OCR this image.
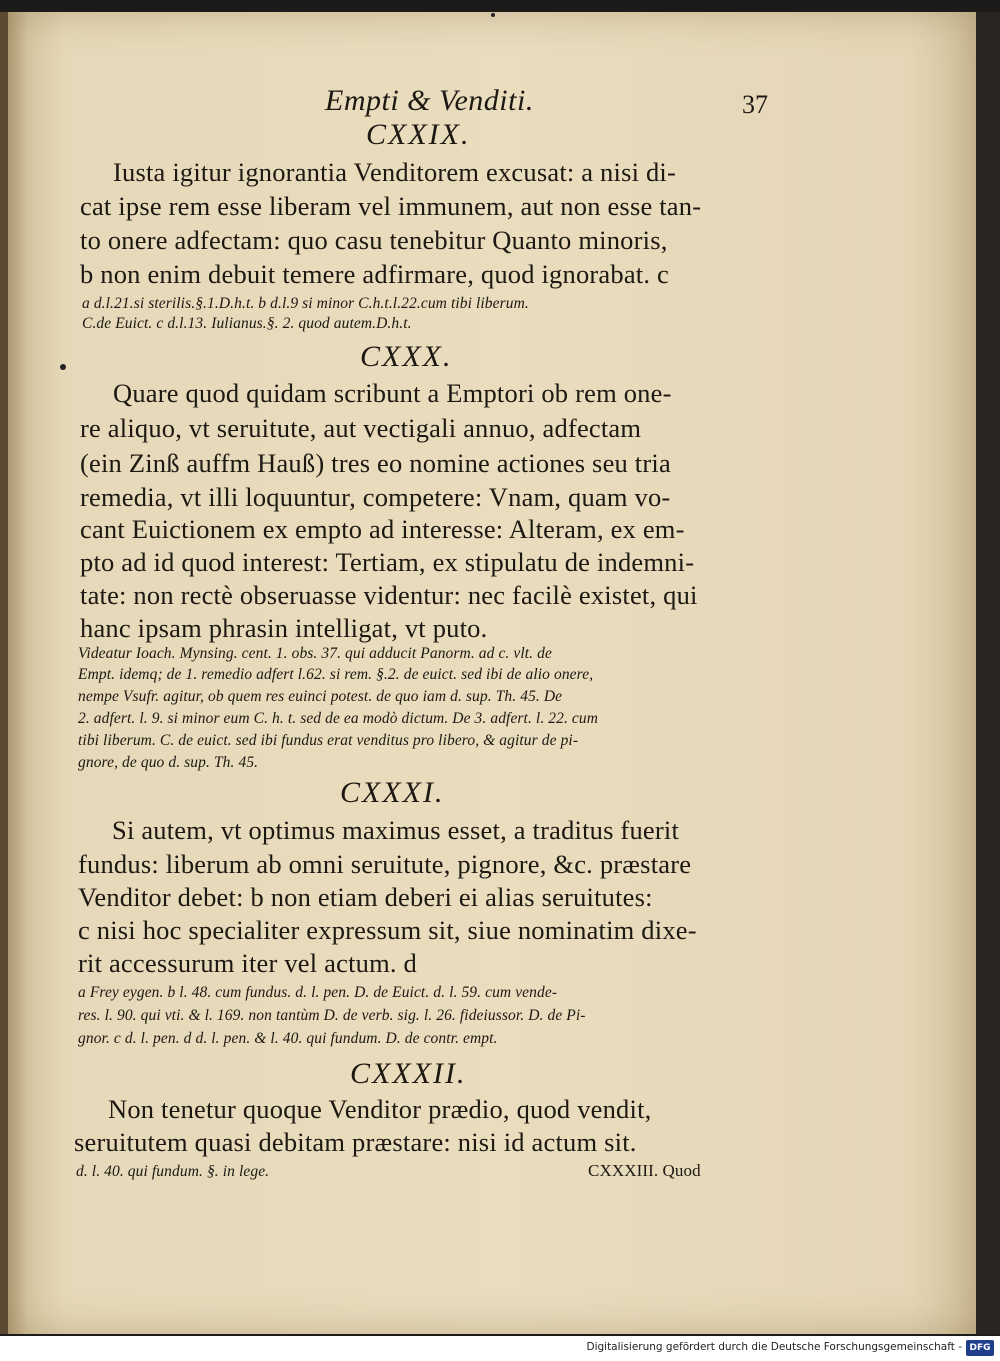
Empti & Venditi.	37
CXXIX.
Iusta igitur ignorantia Venditorem excusat: a nisi di-
cat ipse rem esse liberam vel immunem, aut non esse tan-
to onere adfectam: quo casu tenebitur Quanto minoris,
b non enim debuit temere adfirmare, quod ignorabat. c
a d.l.21.si sterilis.§.1.D.h.t. b d.l.9 si minor C.h.t.l.22.cum tibi liberum.
C.de Euict. c d.l.13. Iulianus.§. 2. quod autem.D.h.t.
CXXX.
Quare quod quidam scribunt a Emptori ob rem one-
re aliquo, vt seruitute, aut vectigali annuo, adfectam
(ein Zinß auffm Hauß) tres eo nomine actiones seu tria
remedia, vt illi loquuntur, competere: Vnam, quam vo-
cant Euictionem ex empto ad interesse: Alteram, ex em-
pto ad id quod interest: Tertiam, ex stipulatu de indemni-
tate: non rectè obseruasse videntur: nec facilè existet, qui
hanc ipsam phrasin intelligat, vt puto.
Videatur Ioach. Mynsing. cent. 1. obs. 37. qui adducit Panorm. ad c. vlt. de
Empt. idemq; de 1. remedio adfert l.62. si rem. §.2. de euict. sed ibi de alio onere,
nempe Vsufr. agitur, ob quem res euinci potest. de quo iam d. sup. Th. 45. De
2. adfert. l. 9. si minor eum C. h. t. sed de ea modò dictum. De 3. adfert. l. 22. cum
tibi liberum. C. de euict. sed ibi fundus erat venditus pro libero, & agitur de pi-
gnore, de quo d. sup. Th. 45.
CXXXI.
Si autem, vt optimus maximus esset, a traditus fuerit
fundus: liberum ab omni seruitute, pignore, &c. præstare
Venditor debet: b non etiam deberi ei alias seruitutes:
c nisi hoc specialiter expressum sit, siue nominatim dixe-
rit accessurum iter vel actum. d
a Frey eygen. b l. 48. cum fundus. d. l. pen. D. de Euict. d. l. 59. cum vende-
res. l. 90. qui vti. & l. 169. non tantùm D. de verb. sig. l. 26. fideiussor. D. de Pi-
gnor. c d. l. pen. d d. l. pen. & l. 40. qui fundum. D. de contr. empt.
CXXXII.
Non tenetur quoque Venditor prædio, quod vendit,
seruitutem quasi debitam præstare: nisi id actum sit.
d. l. 40. qui fundum. §. in lege.	CXXXIII. Quod
Digitalisierung gefördert durch die Deutsche Forschungsgemeinschaft - DFG
